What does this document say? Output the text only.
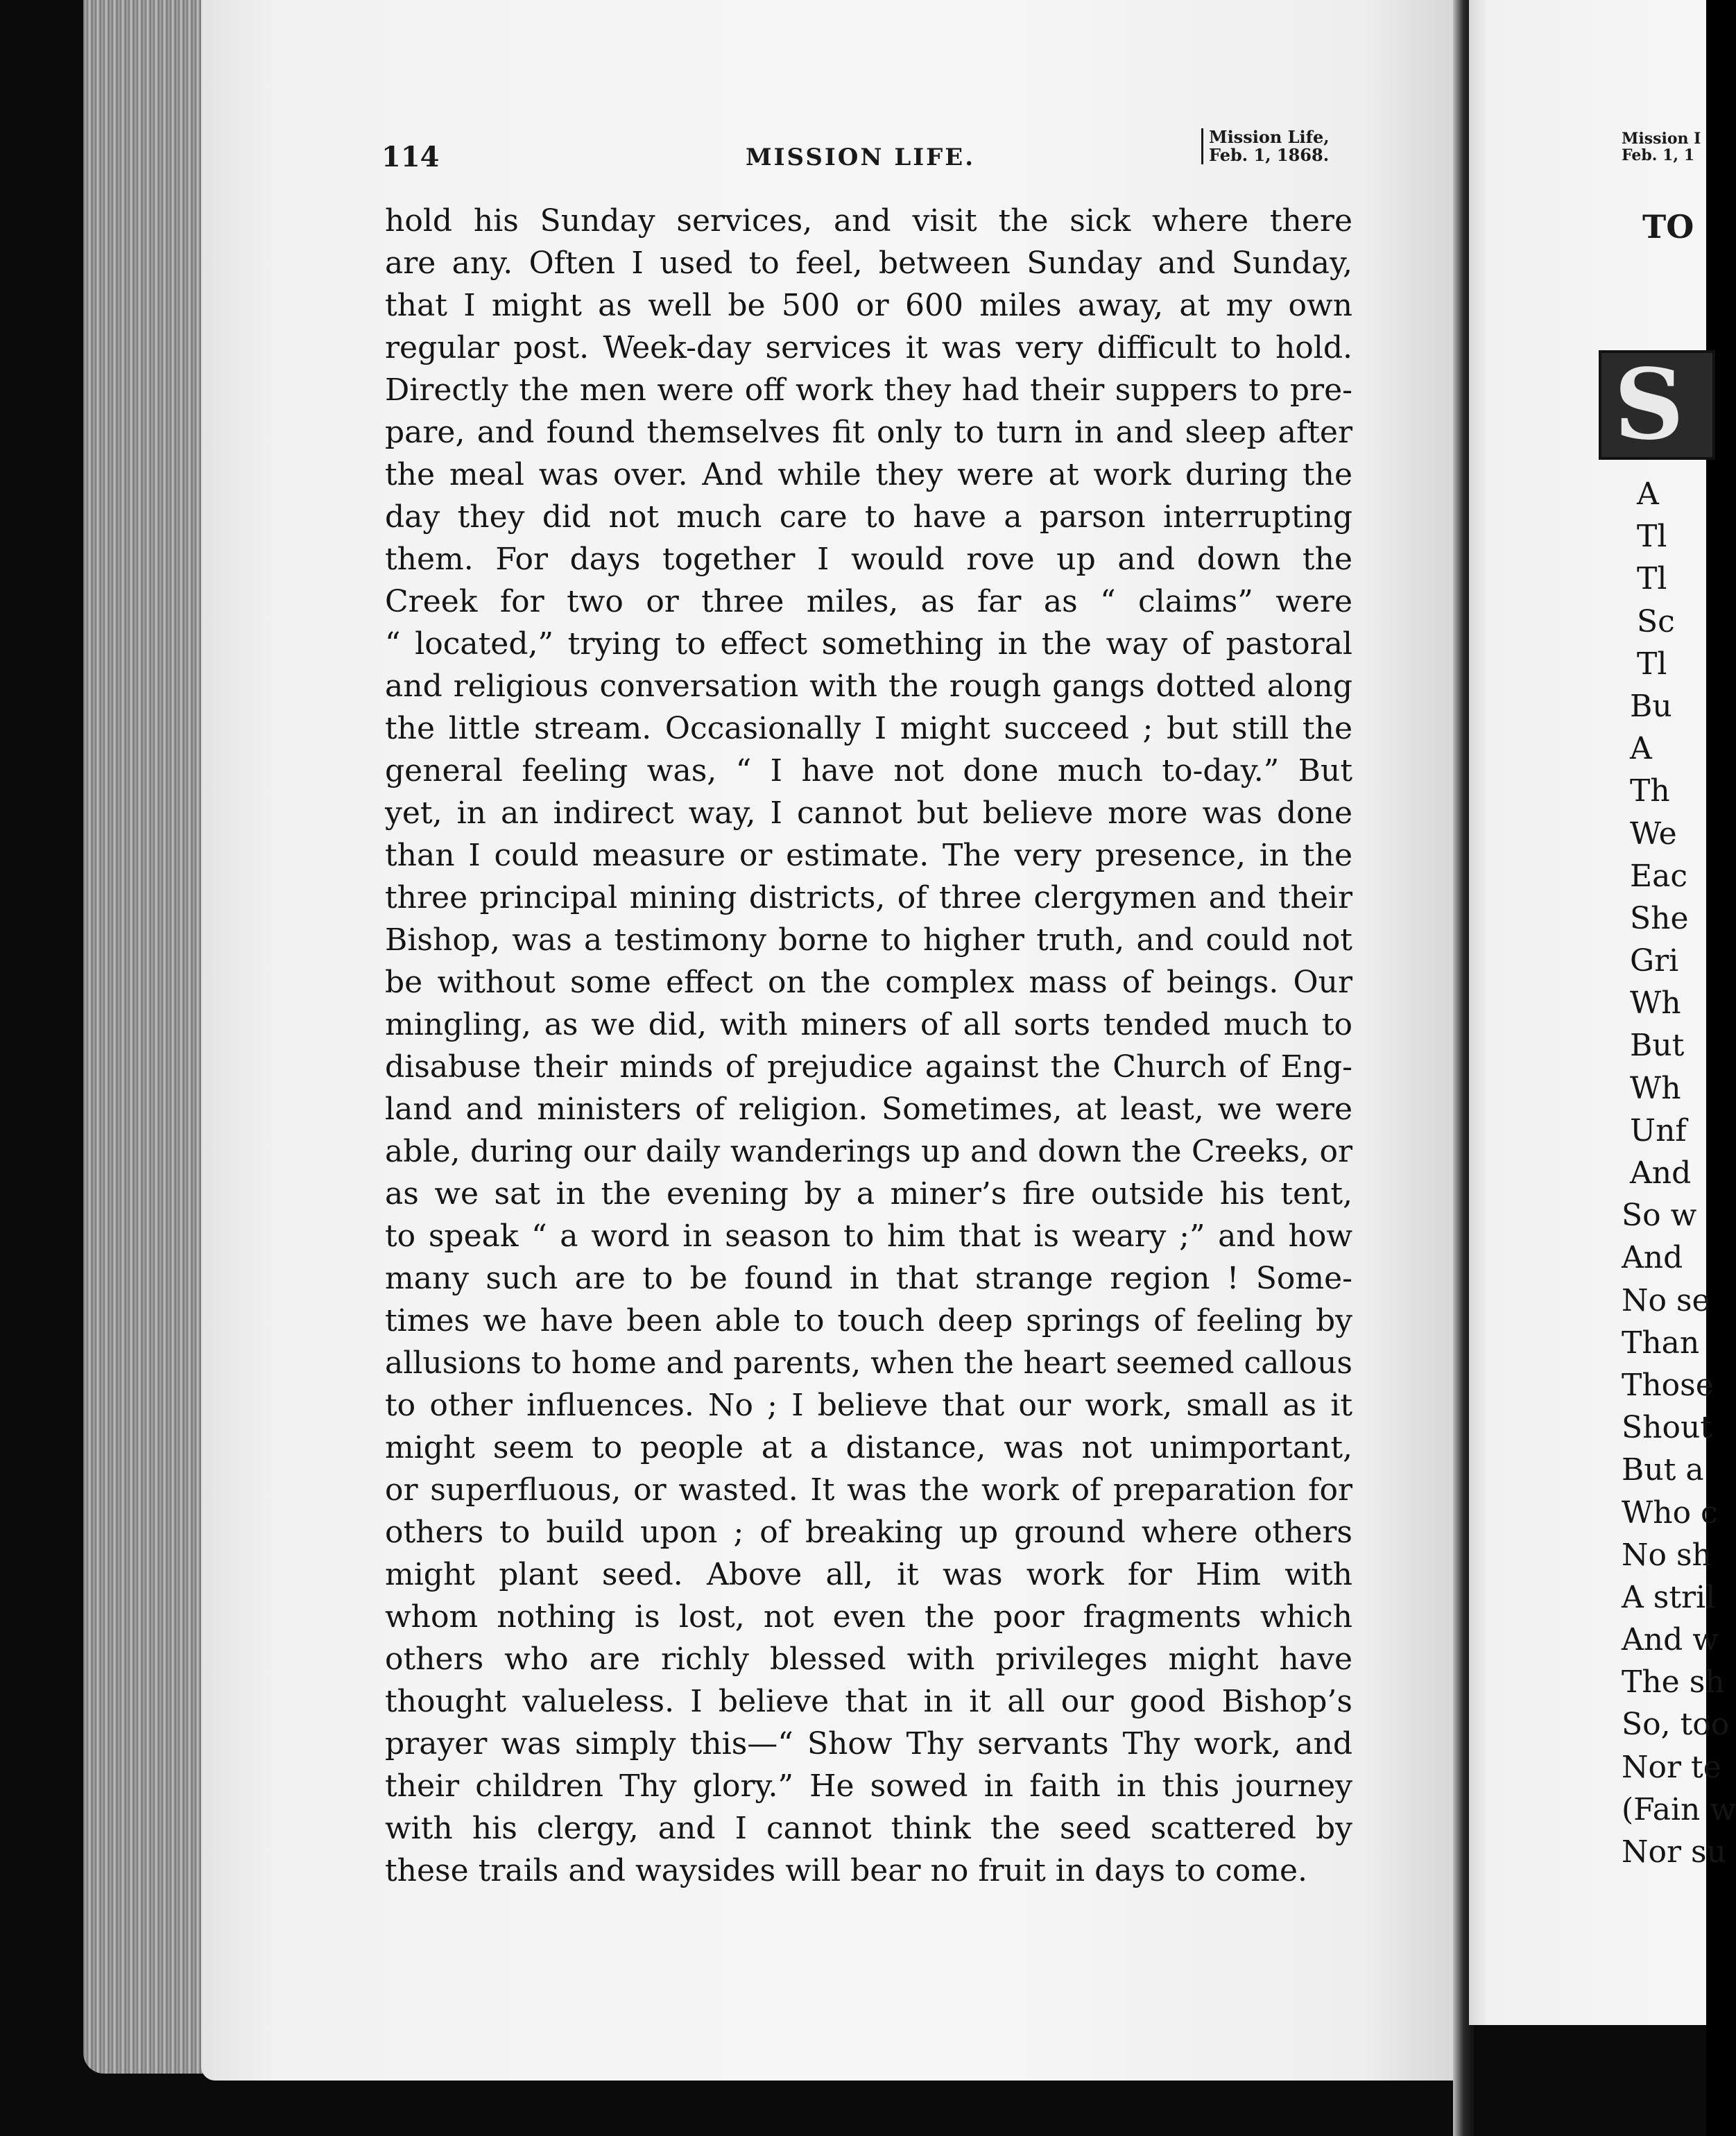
114	MISSION LIFE.
Mission Life,
Feb. 1, 1868.
hold his Sunday services, and visit the sick where there
are any. Often I used to feel, between Sunday and Sunday,
that I might as well be 500 or 600 miles away, at my own
regular post. Week-day services it was very difficult to hold.
Directly the men were off work they had their suppers to pre-
pare, and found themselves fit only to turn in and sleep after
the meal was over. And while they were at work during the
day they did not much care to have a parson interrupting
them. For days together I would rove up and down the
Creek for two or three miles, as far as “ claims” were
“ located,” trying to effect something in the way of pastoral
and religious conversation with the rough gangs dotted along
the little stream. Occasionally I might succeed ; but still the
general feeling was, “ I have not done much to-day.” But
yet, in an indirect way, I cannot but believe more was done
than I could measure or estimate. The very presence, in the
three principal mining districts, of three clergymen and their
Bishop, was a testimony borne to higher truth, and could not
be without some effect on the complex mass of beings. Our
mingling, as we did, with miners of all sorts tended much to
disabuse their minds of prejudice against the Church of Eng-
land and ministers of religion. Sometimes, at least, we were
able, during our daily wanderings up and down the Creeks, or
as we sat in the evening by a miner’s fire outside his tent,
to speak “ a word in season to him that is weary ;” and how
many such are to be found in that strange region ! Some-
times we have been able to touch deep springs of feeling by
allusions to home and parents, when the heart seemed callous
to other influences. No ; I believe that our work, small as it
might seem to people at a distance, was not unimportant,
or superfluous, or wasted. It was the work of preparation for
others to build upon ; of breaking up ground where others
might plant seed. Above all, it was work for Him with
whom nothing is lost, not even the poor fragments which
others who are richly blessed with privileges might have
thought valueless. I believe that in it all our good Bishop’s
prayer was simply this—“ Show Thy servants Thy work, and
their children Thy glory.” He sowed in faith in this journey
with his clergy, and I cannot think the seed scattered by
these trails and waysides will bear no fruit in days to come.
Mission I
Feb. 1, 1
TO
S
A
Tl
Tl
Sc
Tl
Bu
A
Th
We
Eac
She
Gri
Wh
But
Wh
Unf
And
So w
And
No se
Than
Those
Shout
But a
Who c
No sh
A stril
And w
The sh
So, too
Nor te
(Fain w
Nor su
